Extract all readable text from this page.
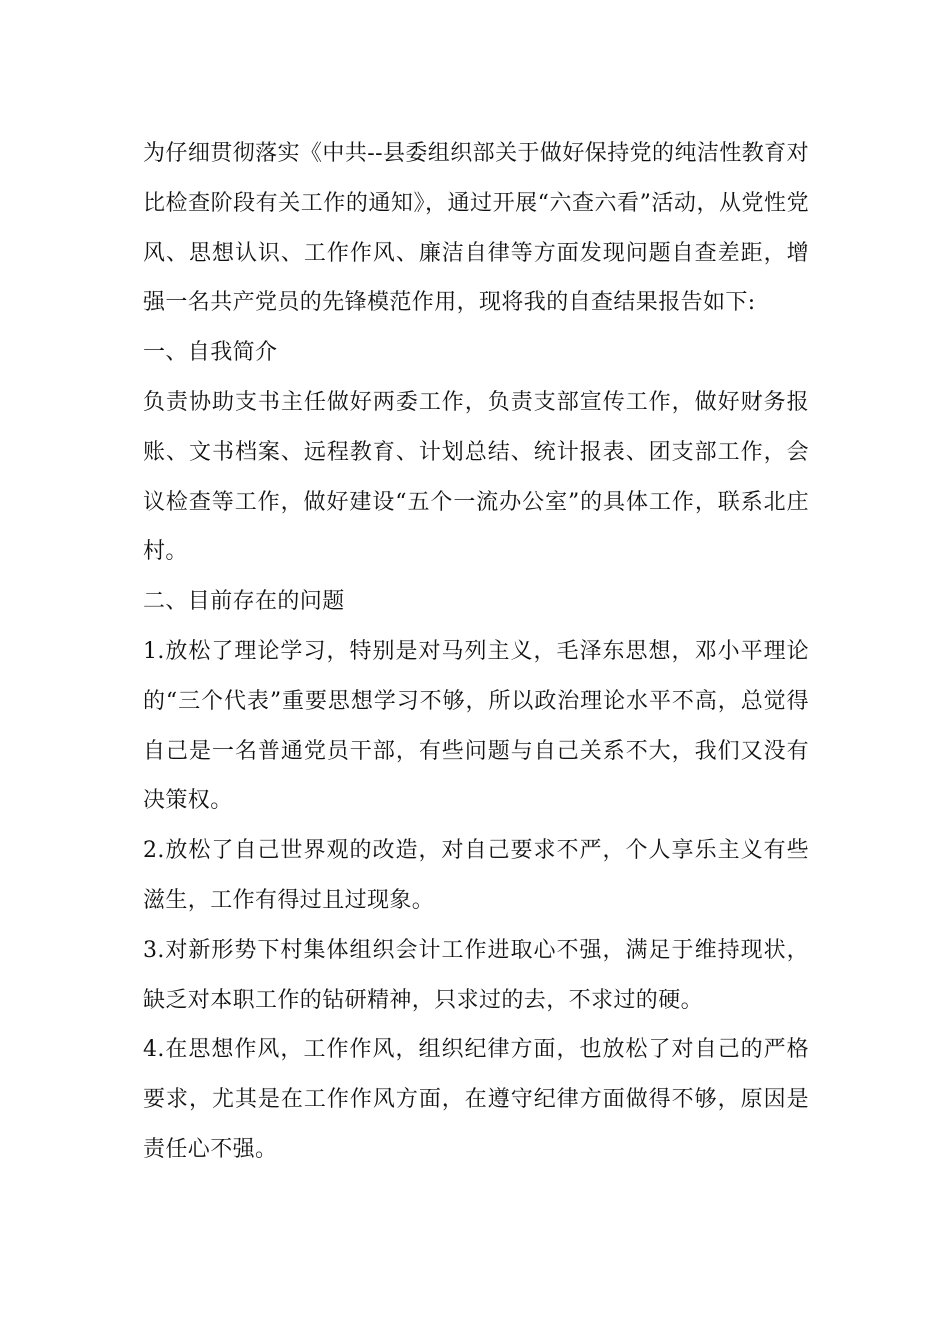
为仔细贯彻落实《中共--县委组织部关于做好保持党的纯洁性教育对比检查阶段有关工作的通知》，通过开展“六查六看”活动，从党性党风、思想认识、工作作风、廉洁自律等方面发现问题自查差距，增强一名共产党员的先锋模范作用，现将我的自查结果报告如下:

一、自我简介

负责协助支书主任做好两委工作，负责支部宣传工作，做好财务报账、文书档案、远程教育、计划总结、统计报表、团支部工作，会议检查等工作，做好建设“五个一流办公室”的具体工作，联系北庄村。

二、目前存在的问题

1.放松了理论学习，特别是对马列主义，毛泽东思想，邓小平理论的“三个代表”重要思想学习不够，所以政治理论水平不高，总觉得自己是一名普通党员干部，有些问题与自己关系不大，我们又没有决策权。

2.放松了自己世界观的改造，对自己要求不严，个人享乐主义有些滋生，工作有得过且过现象。

3.对新形势下村集体组织会计工作进取心不强，满足于维持现状，缺乏对本职工作的钻研精神，只求过的去，不求过的硬。

4.在思想作风，工作作风，组织纪律方面，也放松了对自己的严格要求，尤其是在工作作风方面，在遵守纪律方面做得不够，原因是责任心不强。
